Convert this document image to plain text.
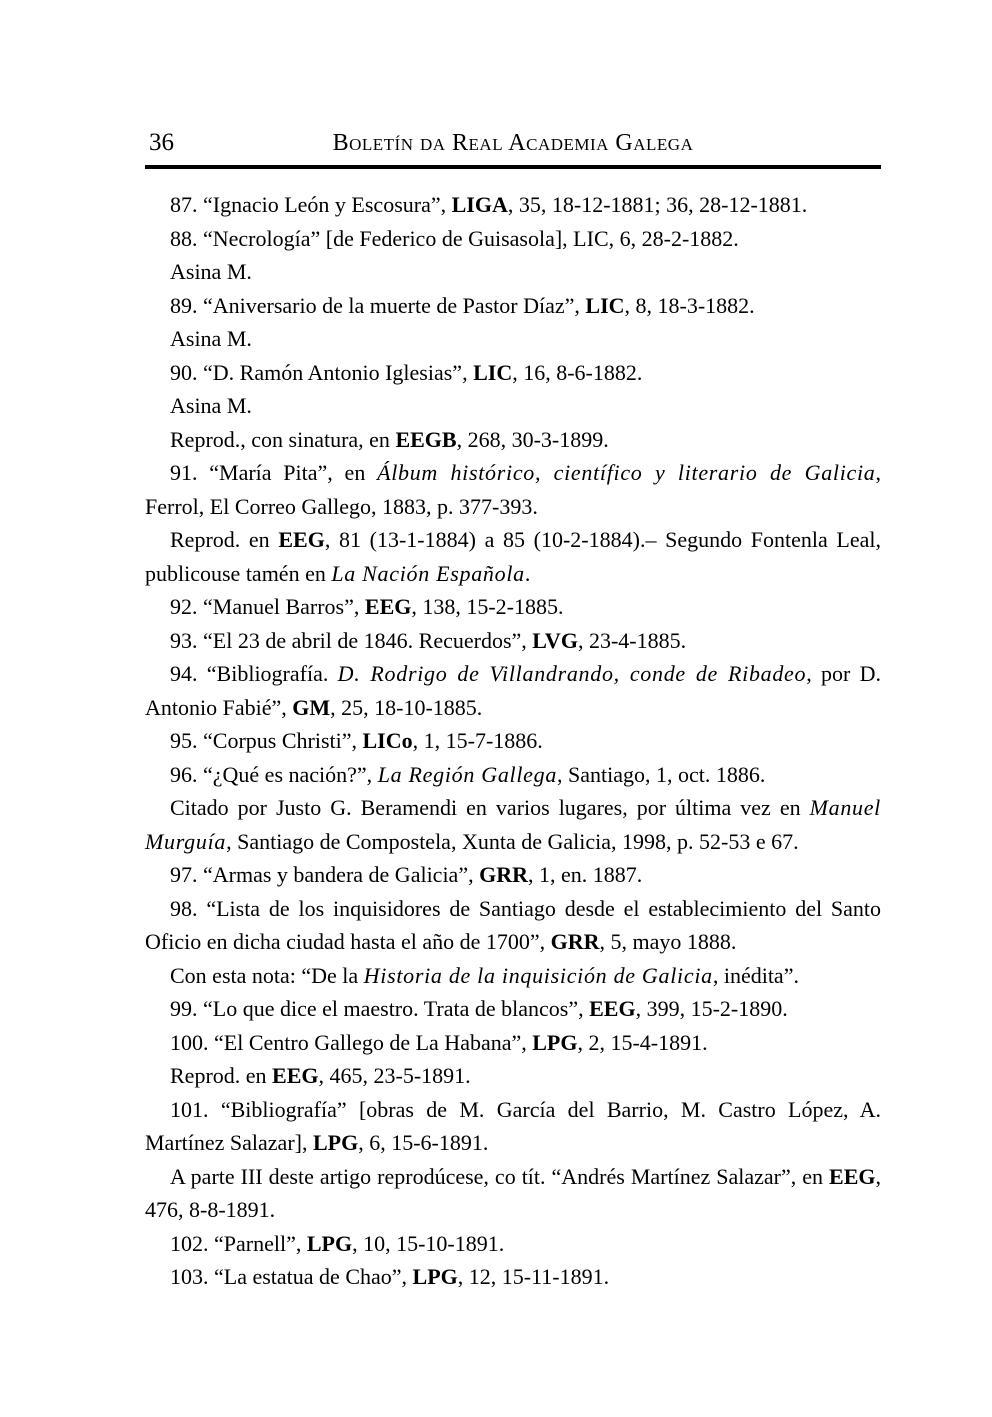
36	Boletín da Real Academia Galega

87. “Ignacio León y Escosura”, LIGA, 35, 18-12-1881; 36, 28-12-1881.

88. “Necrología” [de Federico de Guisasola], LIC, 6, 28-2-1882.

Asina M.

89. “Aniversario de la muerte de Pastor Díaz”, LIC, 8, 18-3-1882.

Asina M.

90. “D. Ramón Antonio Iglesias”, LIC, 16, 8-6-1882.

Asina M.

Reprod., con sinatura, en EEGB, 268, 30-3-1899.

91. “María Pita”, en Álbum histórico, científico y literario de Galicia, Ferrol, El Correo Gallego, 1883, p. 377-393.

Reprod. en EEG, 81 (13-1-1884) a 85 (10-2-1884).– Segundo Fontenla Leal, publicouse tamén en La Nación Española.

92. “Manuel Barros”, EEG, 138, 15-2-1885.

93. “El 23 de abril de 1846. Recuerdos”, LVG, 23-4-1885.

94. “Bibliografía. D. Rodrigo de Villandrando, conde de Ribadeo, por D. Antonio Fabié”, GM, 25, 18-10-1885.

95. “Corpus Christi”, LICo, 1, 15-7-1886.

96. “¿Qué es nación?”, La Región Gallega, Santiago, 1, oct. 1886.

Citado por Justo G. Beramendi en varios lugares, por última vez en Manuel Murguía, Santiago de Compostela, Xunta de Galicia, 1998, p. 52-53 e 67.

97. “Armas y bandera de Galicia”, GRR, 1, en. 1887.

98. “Lista de los inquisidores de Santiago desde el establecimiento del Santo Oficio en dicha ciudad hasta el año de 1700”, GRR, 5, mayo 1888.

Con esta nota: “De la Historia de la inquisición de Galicia, inédita”.

99. “Lo que dice el maestro. Trata de blancos”, EEG, 399, 15-2-1890.

100. “El Centro Gallego de La Habana”, LPG, 2, 15-4-1891.

Reprod. en EEG, 465, 23-5-1891.

101. “Bibliografía” [obras de M. García del Barrio, M. Castro López, A. Martínez Salazar], LPG, 6, 15-6-1891.

A parte III deste artigo reprodúcese, co tít. “Andrés Martínez Salazar”, en EEG, 476, 8-8-1891.

102. “Parnell”, LPG, 10, 15-10-1891.

103. “La estatua de Chao”, LPG, 12, 15-11-1891.
